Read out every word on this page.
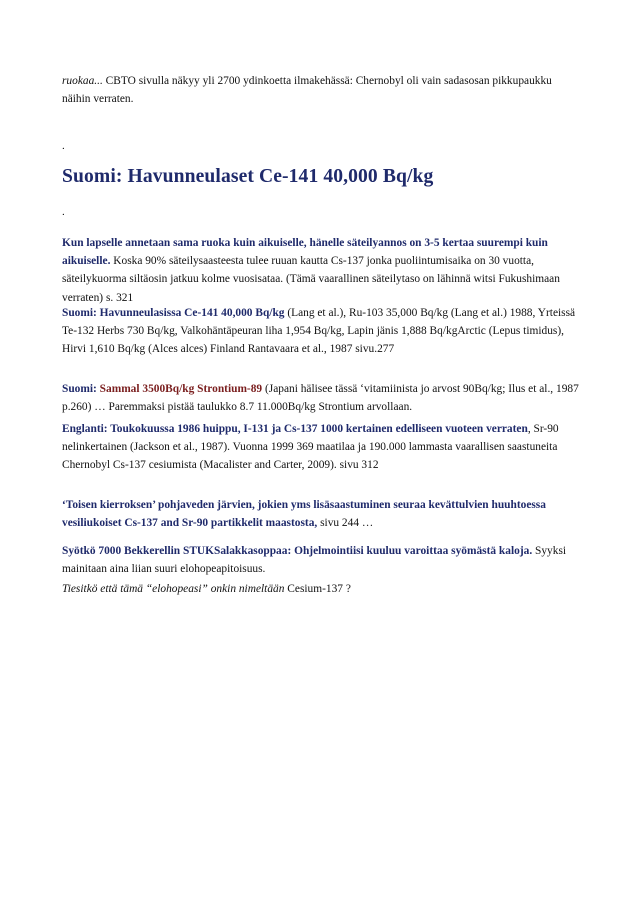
ruokaa... CBTO sivulla näkyy yli 2700 ydinkoetta ilmakehässä: Chernobyl oli vain sadasosan pikkupaukku näihin verraten.
.
Suomi: Havunneulaset Ce-141 40,000 Bq/kg
.
Kun lapselle annetaan sama ruoka kuin aikuiselle, hänelle säteilyannos on 3-5 kertaa suurempi kuin aikuiselle. Koska 90% säteilysaasteesta tulee ruuan kautta Cs-137 jonka puoliintumisaika on 30 vuotta, säteilykuorma siltäosin jatkuu kolme vuosisataa. (Tämä vaarallinen säteilytaso on lähinnä witsi Fukushimaan verraten) s. 321
Suomi: Havunneulasissa Ce-141 40,000 Bq/kg (Lang et al.), Ru-103 35,000 Bq/kg (Lang et al.) 1988, Yrteissä Te-132 Herbs 730 Bq/kg, Valkohäntäpeuran liha 1,954 Bq/kg, Lapin jänis 1,888 Bq/kgArctic (Lepus timidus), Hirvi 1,610 Bq/kg (Alces alces) Finland Rantavaara et al., 1987 sivu.277
Suomi: Sammal 3500Bq/kg Strontium-89 (Japani hälisee tässä ‘vitamiinista jo arvost 90Bq/kg; Ilus et al., 1987 p.260) … Paremmaksi pistää taulukko 8.7 11.000Bq/kg Strontium arvollaan.
Englanti: Toukokuussa 1986 huippu, I-131 ja Cs-137 1000 kertainen edelliseen vuoteen verraten, Sr-90 nelinkertainen (Jackson et al., 1987). Vuonna 1999 369 maatilaa ja 190.000 lammasta vaarallisen saastuneita Chernobyl Cs-137 cesiumista (Macalister and Carter, 2009). sivu 312
‘Toisen kierroksen’ pohjaveden järvien, jokien yms lisäsaastuminen seuraa kevättulvien huuhtoessa vesiliukoiset Cs-137 and Sr-90 partikkelit maastosta, sivu 244 …
Syötkö 7000 Bekkerellin STUKSalakkasoppaa: Ohjelmointiisi kuuluu varoittaa syömästä kaloja. Syyksi mainitaan aina liian suuri elohopeapitoisuus.
Tiesitkö että tämä “elohopeasi” onkin nimeltään Cesium-137 ?
